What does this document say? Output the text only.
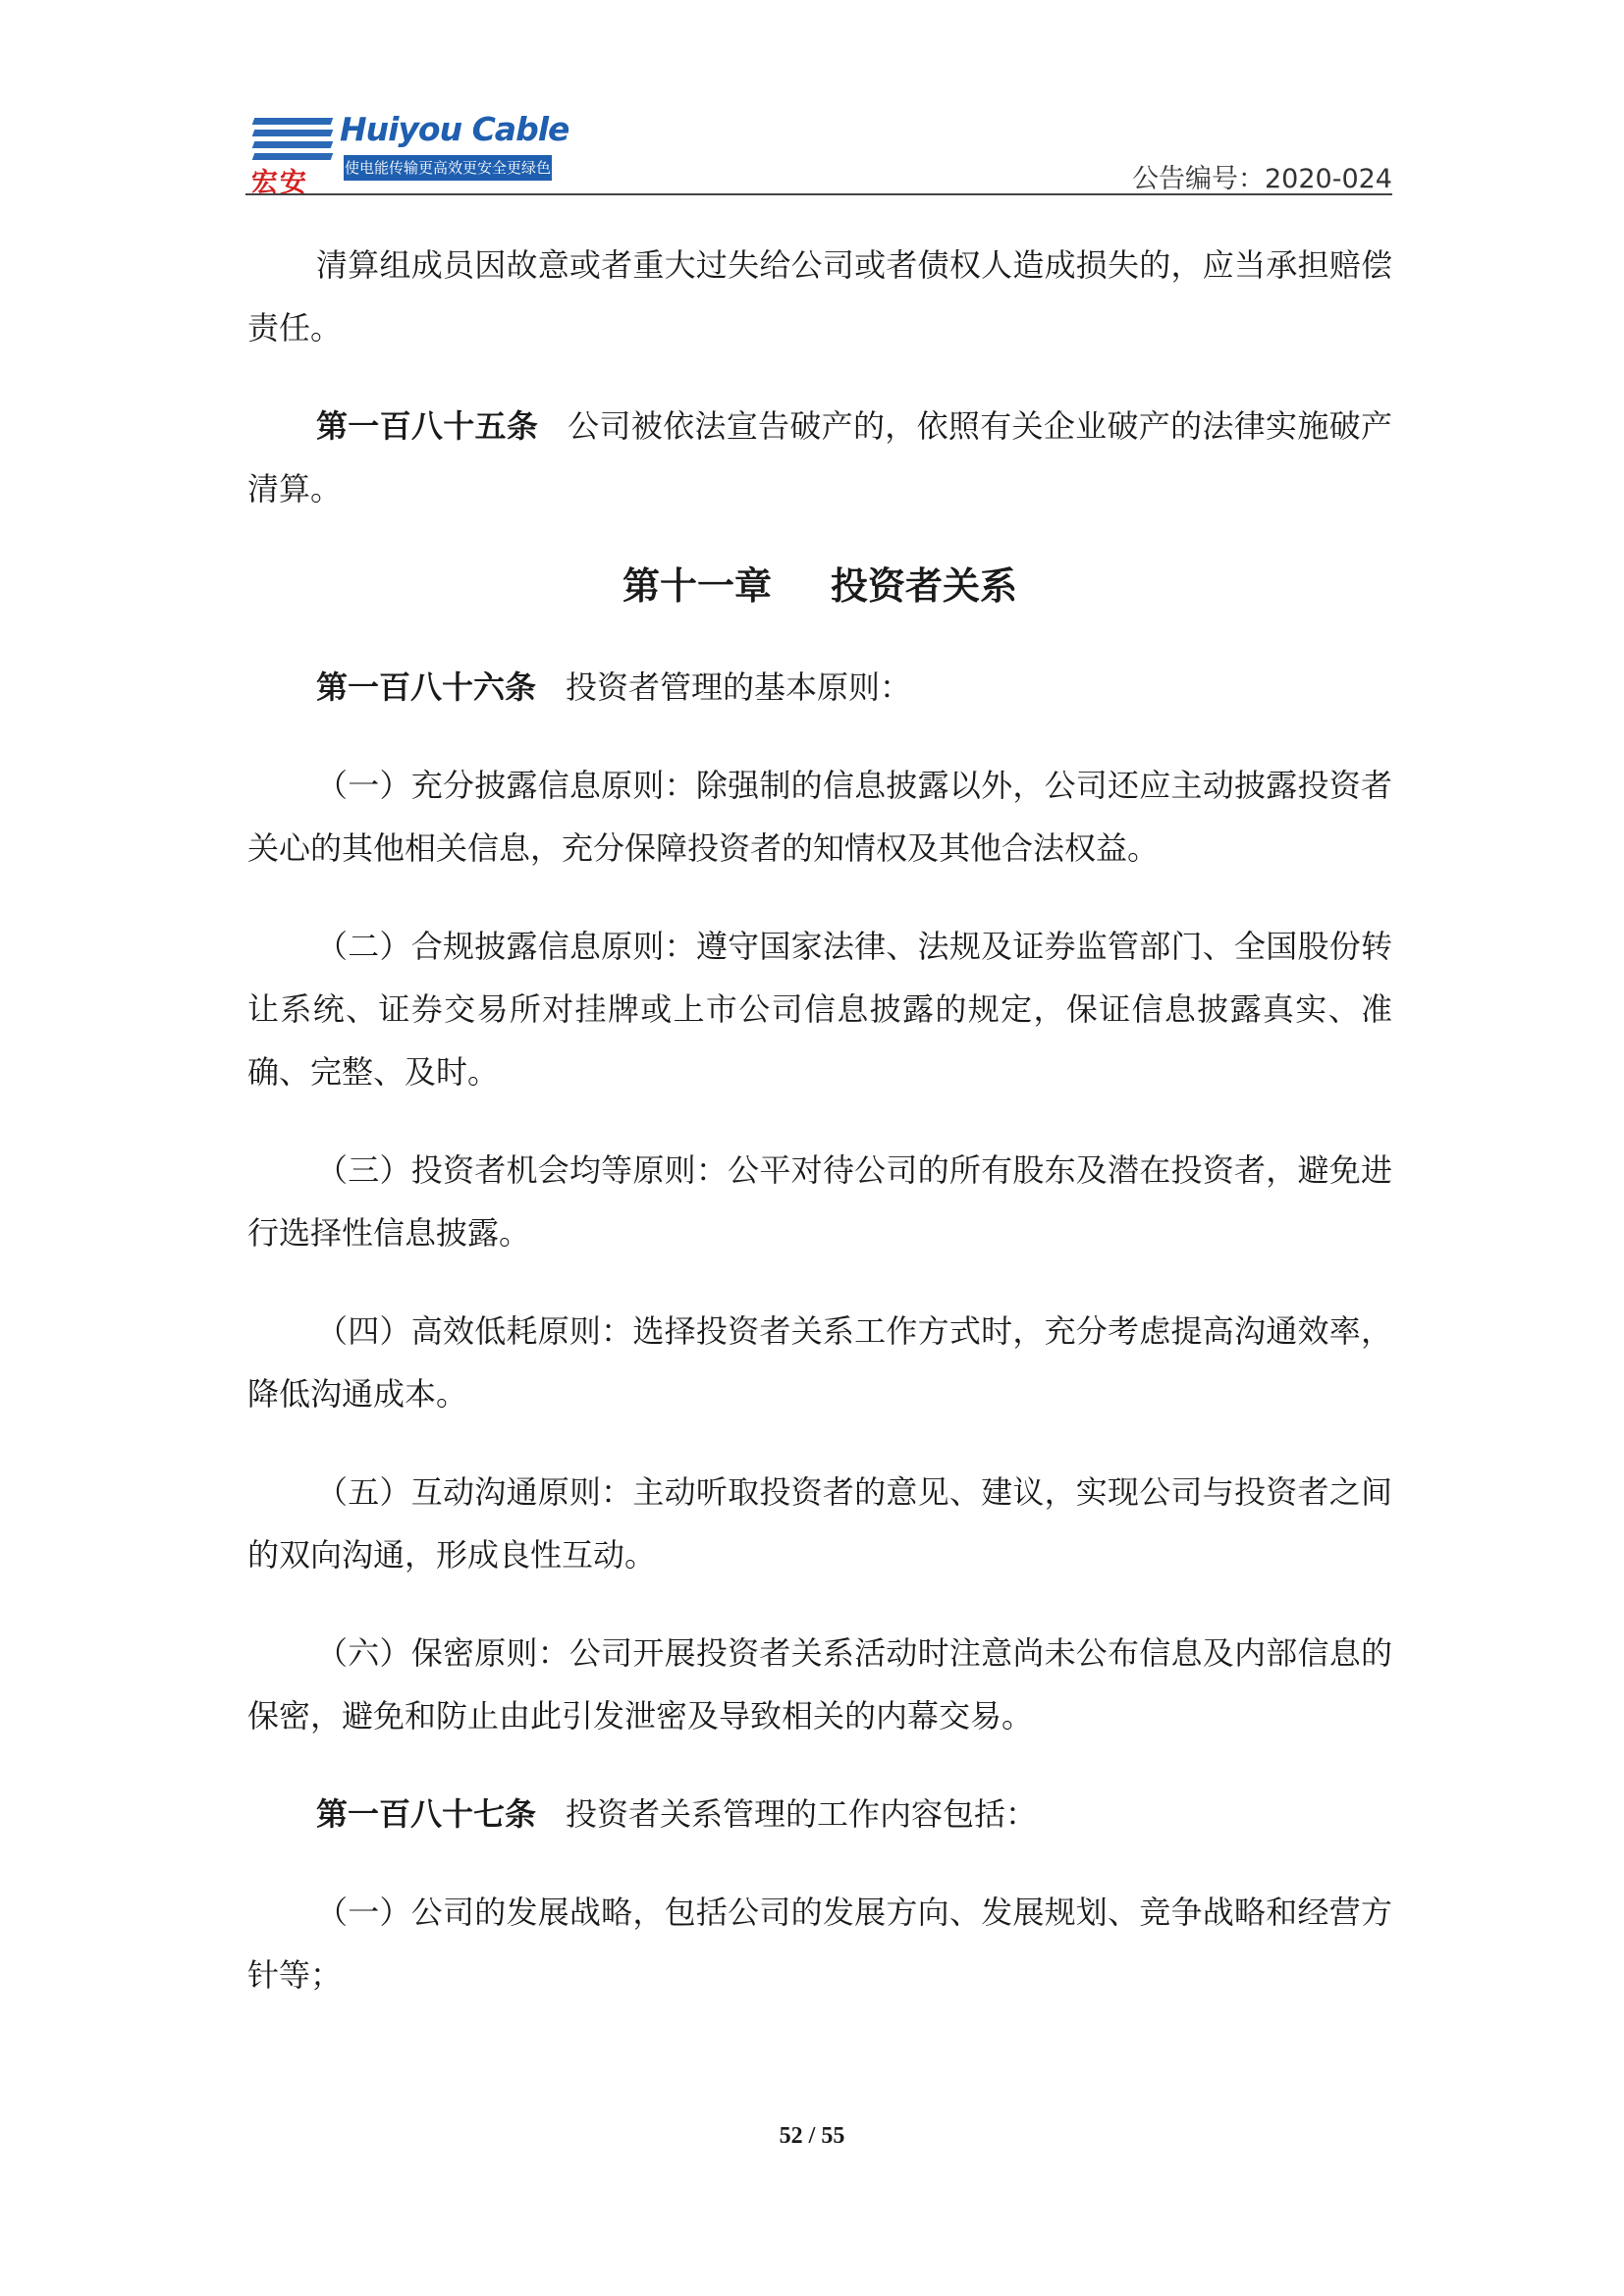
宏安
Huiyou Cable
使电能传输更高效更安全更绿色	公告编号：2020-024

清算组成员因故意或者重大过失给公司或者债权人造成损失的，应当承担赔偿责任。

第一百八十五条 公司被依法宣告破产的，依照有关企业破产的法律实施破产清算。

第十一章 投资者关系

第一百八十六条 投资者管理的基本原则：

（一）充分披露信息原则：除强制的信息披露以外，公司还应主动披露投资者关心的其他相关信息，充分保障投资者的知情权及其他合法权益。

（二）合规披露信息原则：遵守国家法律、法规及证券监管部门、全国股份转让系统、证券交易所对挂牌或上市公司信息披露的规定，保证信息披露真实、准确、完整、及时。

（三）投资者机会均等原则：公平对待公司的所有股东及潜在投资者，避免进行选择性信息披露。

（四）高效低耗原则：选择投资者关系工作方式时，充分考虑提高沟通效率，降低沟通成本。

（五）互动沟通原则：主动听取投资者的意见、建议，实现公司与投资者之间的双向沟通，形成良性互动。

（六）保密原则：公司开展投资者关系活动时注意尚未公布信息及内部信息的保密，避免和防止由此引发泄密及导致相关的内幕交易。

第一百八十七条 投资者关系管理的工作内容包括：

（一）公司的发展战略，包括公司的发展方向、发展规划、竞争战略和经营方针等；

52 / 55
